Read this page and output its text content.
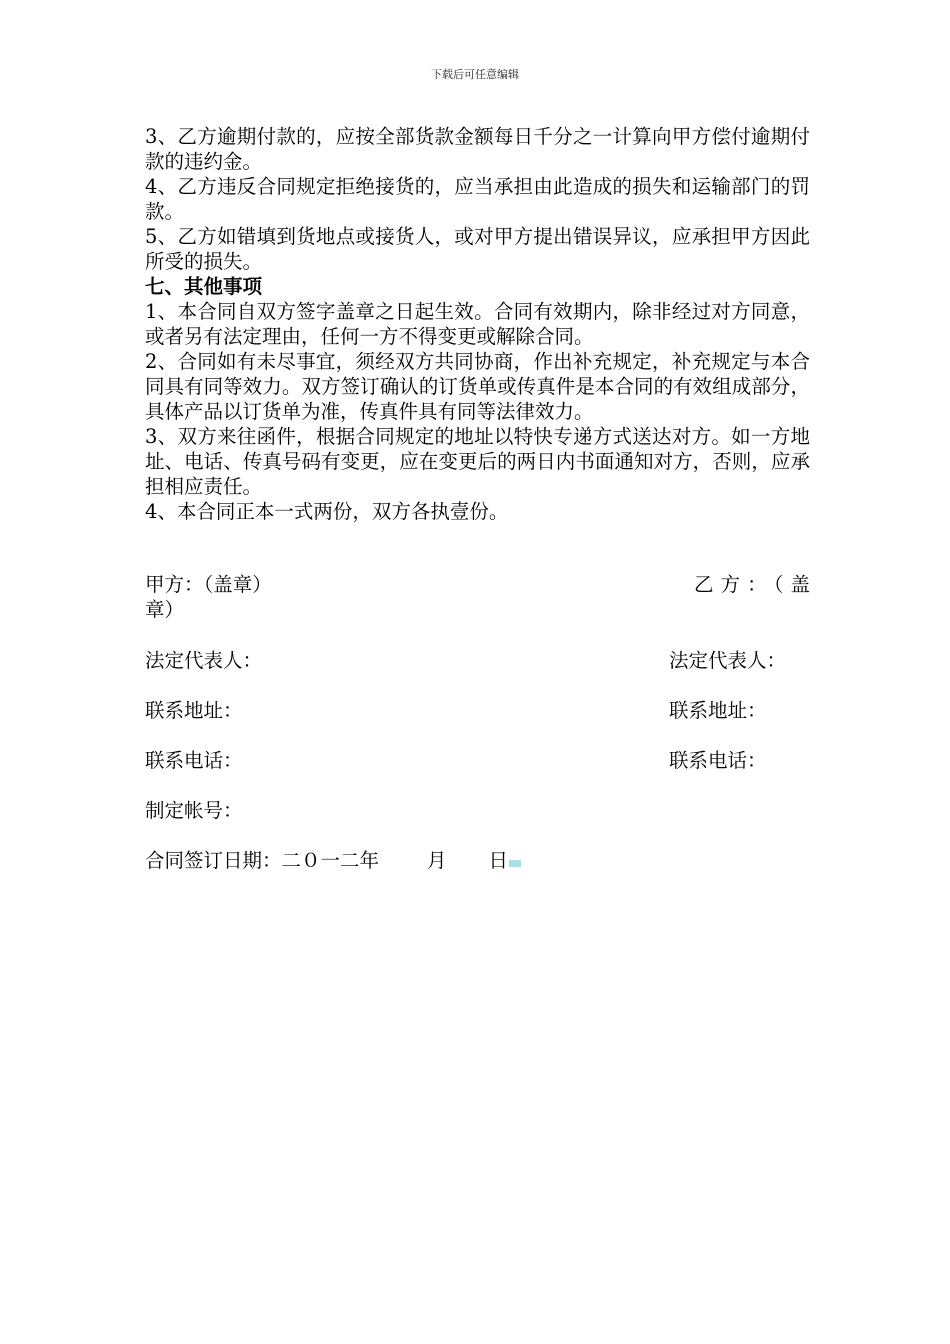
下载后可任意编辑

3、乙方逾期付款的，应按全部货款金额每日千分之一计算向甲方偿付逾期付款的违约金。

4、乙方违反合同规定拒绝接货的，应当承担由此造成的损失和运输部门的罚款。

5、乙方如错填到货地点或接货人，或对甲方提出错误异议，应承担甲方因此所受的损失。

七、其他事项

1、本合同自双方签字盖章之日起生效。合同有效期内，除非经过对方同意，或者另有法定理由，任何一方不得变更或解除合同。

2、合同如有未尽事宜，须经双方共同协商，作出补充规定，补充规定与本合同具有同等效力。双方签订确认的订货单或传真件是本合同的有效组成部分，具体产品以订货单为准，传真件具有同等法律效力。

3、双方来往函件，根据合同规定的地址以特快专递方式送达对方。如一方地址、电话、传真号码有变更，应在变更后的两日内书面通知对方，否则，应承担相应责任。

4、本合同正本一式两份，双方各执壹份。

甲方：（盖章）	乙方：（盖
章）
法定代表人：	法定代表人：
联系地址：	联系地址：
联系电话：	联系电话：
制定帐号：
合同签订日期：二０一二年 月 日
